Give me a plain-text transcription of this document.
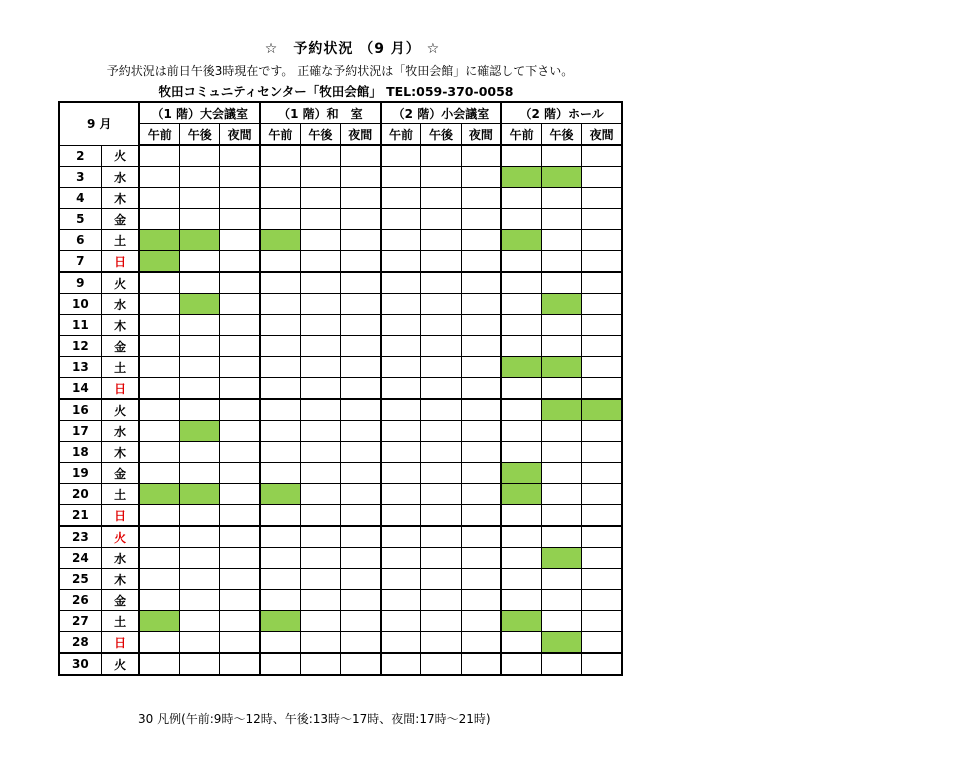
☆　予約状況 （9 月） ☆
予約状況は前日午後3時現在です。 正確な予約状況は「牧田会館」に確認して下さい。
牧田コミュニティセンター「牧田会館」 TEL:059-370-0058
9 月		（1 階）大会議室			（1 階）和　室			（2 階）小会議室			（2 階）ホール		
		午前	午後	夜間	午前	午後	夜間	午前	午後	夜間	午前	午後	夜間
2	火												
3	水												
4	木												
5	金												
6	土												
7	日												
9	火												
10	水												
11	木												
12	金												
13	土												
14	日												
16	火												
17	水												
18	木												
19	金												
20	土												
21	日												
23	火												
24	水												
25	木												
26	金												
27	土												
28	日												
30	火												
30 凡例(午前:9時～12時、午後:13時～17時、夜間:17時～21時)
